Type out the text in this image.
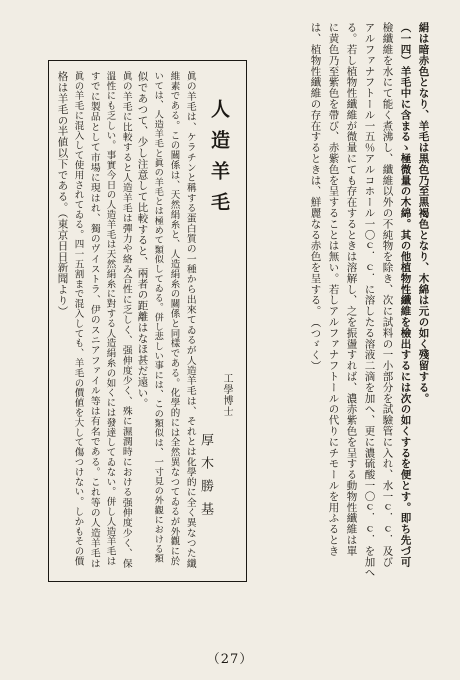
絹は暗赤色となり、羊毛は黒色乃至黒褐色となり、木綿は元の如く殘留する。
（一四）羊毛中に含まるゝ極微量の木綿。其の他植物性纖維を檢出するには次の如くするを便とす。即ち先づ可
檢纖維を水にて能く煮沸し、纖維以外の不純物を除き、次に試料の一小部分を試驗管に入れ、水一ｃ．ｃ．及び
アルファナフトール一五％アルコホール一〇ｃ．ｃ．に溶したる溶液二滴を加へ、更に濃硫酸一〇ｃ．ｃ．を加へ
る。若し植物性纖維が微量にても存在するときは溶解し、之を振盪すれば、濃赤紫色を呈する動物性纖維は單
に黄色乃至紫色を帶び、赤紫色を呈することは無い。若しアルファナフトールの代りにチモールを用ふるとき
は、植物性纖維の存在するときは、鮮麗なる赤色を呈する。　（つゞく）
人造羊毛
工學博士
厚木勝基
眞の羊毛は、ケラチンと稱する蛋白質の一種から出來てゐるが人造羊毛は、それとは化學的に全く異なつた纖
維素である。この關係は、天然絹糸と、人造絹糸の關係と同樣である。化學的には全然異なつてゐるが外觀に於
いては、人造羊毛と眞の羊毛とは極めて類似してゐる。併し悲しい事には、この類似は、一寸見の外觀における類
似であつて、少し注意して比較すると、兩者の距離はなほ甚だ遠い。
眞の羊毛に比較すると人造羊毛は彈力や絡み合性に乏しく、强伸度少く、殊に濕潤時における强伸度少く、保
溫性にも乏しい。事實今日の人造羊毛は天然絹糸に對する人造絹糸の如くには發達してゐない。併し人造羊毛は
すでに製品として市場に現はれ、獨のヴイストラ、伊のスニアファイル等は有名である。これ等の人造羊毛は
眞の羊毛に混入して使用されてゐる。四一五割まで混入しても、羊毛の價値を大して傷つけない。しかもその價
格は羊毛の半値以下である。（東京日日新聞より）
（27）
